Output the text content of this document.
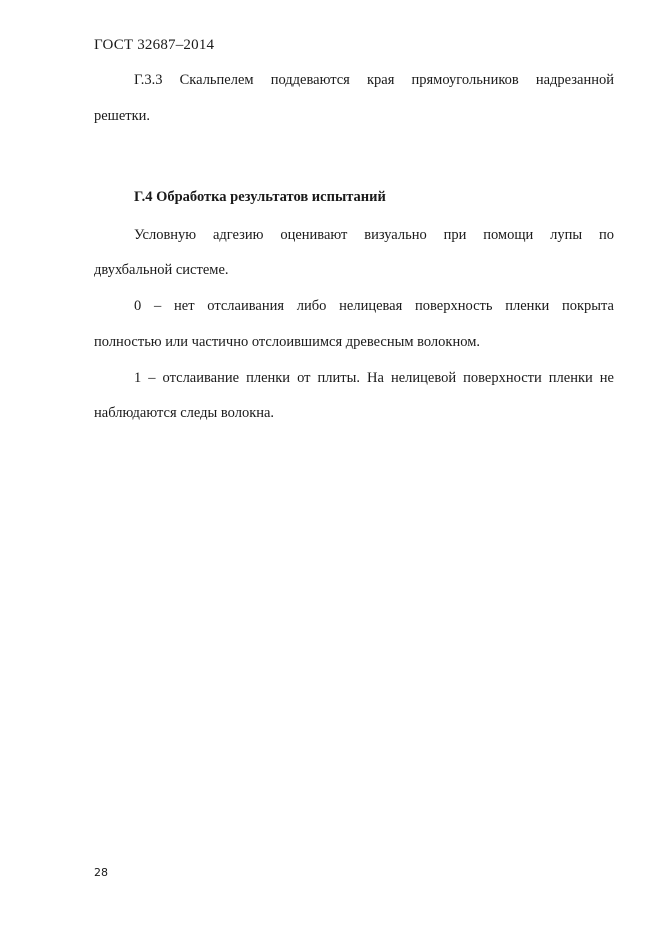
ГОСТ 32687–2014
Г.3.3 Скальпелем поддеваются края прямоугольников надрезанной
решетки.
Г.4 Обработка результатов испытаний
Условную адгезию оценивают визуально при помощи лупы по
двухбальной системе.
0 – нет отслаивания либо нелицевая поверхность пленки покрыта
полностью или частично отслоившимся древесным волокном.
1 – отслаивание пленки от плиты. На нелицевой поверхности пленки не
наблюдаются следы волокна.
28
